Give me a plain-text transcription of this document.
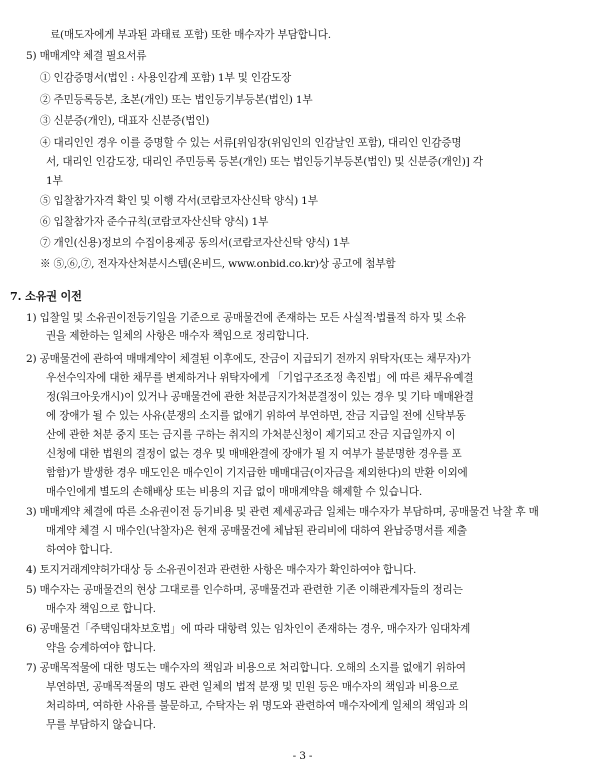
료(매도자에게 부과된 과태료 포함) 또한 매수자가 부담합니다.
5) 매매계약 체결 필요서류
① 인감증명서(법인 : 사용인감계 포함) 1부 및 인감도장
② 주민등록등본, 초본(개인) 또는 법인등기부등본(법인) 1부
③ 신분증(개인), 대표자 신분증(법인)
④ 대리인인 경우 이를 증명할 수 있는 서류[위임장(위임인의 인감날인 포함), 대리인 인감증명
서, 대리인 인감도장, 대리인 주민등록 등본(개인) 또는 법인등기부등본(법인) 및 신분증(개인)] 각
1부
⑤ 입찰참가자격 확인 및 이행 각서(코람코자산신탁 양식) 1부
⑥ 입찰참가자 준수규칙(코람코자산신탁 양식) 1부
⑦ 개인(신용)정보의 수집이용제공 동의서(코람코자산신탁 양식) 1부
※ ⑤,⑥,⑦, 전자자산처분시스템(온비드, www.onbid.co.kr)상 공고에 첨부함
7. 소유권 이전
1) 입찰일 및 소유권이전등기일을 기준으로 공매물건에 존재하는 모든 사실적·법률적 하자 및 소유
권을 제한하는 일체의 사항은 매수자 책임으로 정리합니다.
2) 공매물건에 관하여 매매계약이 체결된 이후에도, 잔금이 지급되기 전까지 위탁자(또는 채무자)가
우선수익자에 대한 채무를 변제하거나 위탁자에게 「기업구조조정 촉진법」에 따른 채무유예결
정(워크아웃개시)이 있거나 공매물건에 관한 처분금지가처분결정이 있는 경우 및 기타 매매완결
에 장애가 될 수 있는 사유(분쟁의 소지를 없애기 위하여 부연하면, 잔금 지급일 전에 신탁부동
산에 관한 처분 중지 또는 금지를 구하는 취지의 가처분신청이 제기되고 잔금 지급일까지 이
신청에 대한 법원의 결정이 없는 경우 및 매매완결에 장애가 될 지 여부가 불분명한 경우를 포
함함)가 발생한 경우 매도인은 매수인이 기지급한 매매대금(이자금을 제외한다)의 반환 이외에
매수인에게 별도의 손해배상 또는 비용의 지급 없이 매매계약을 해제할 수 있습니다.
3) 매매계약 체결에 따른 소유권이전 등기비용 및 관련 제세공과금 일체는 매수자가 부담하며, 공매물건 낙찰 후 매
매계약 체결 시 매수인(낙찰자)은 현재 공매물건에 체납된 관리비에 대하여 완납증명서를 제출
하여야 합니다.
4) 토지거래계약허가대상 등 소유권이전과 관련한 사항은 매수자가 확인하여야 합니다.
5) 매수자는 공매물건의 현상 그대로를 인수하며, 공매물건과 관련한 기존 이해관계자들의 정리는
매수자 책임으로 합니다.
6) 공매물건「주택임대차보호법」에 따라 대항력 있는 임차인이 존재하는 경우, 매수자가 임대차계
약을 승계하여야 합니다.
7) 공매목적물에 대한 명도는 매수자의 책임과 비용으로 처리합니다. 오해의 소지를 없애기 위하여
부연하면, 공매목적물의 명도 관련 일체의 법적 분쟁 및 민원 등은 매수자의 책임과 비용으로
처리하며, 여하한 사유를 불문하고, 수탁자는 위 명도와 관련하여 매수자에게 일체의 책임과 의
무를 부담하지 않습니다.
- 3 -
